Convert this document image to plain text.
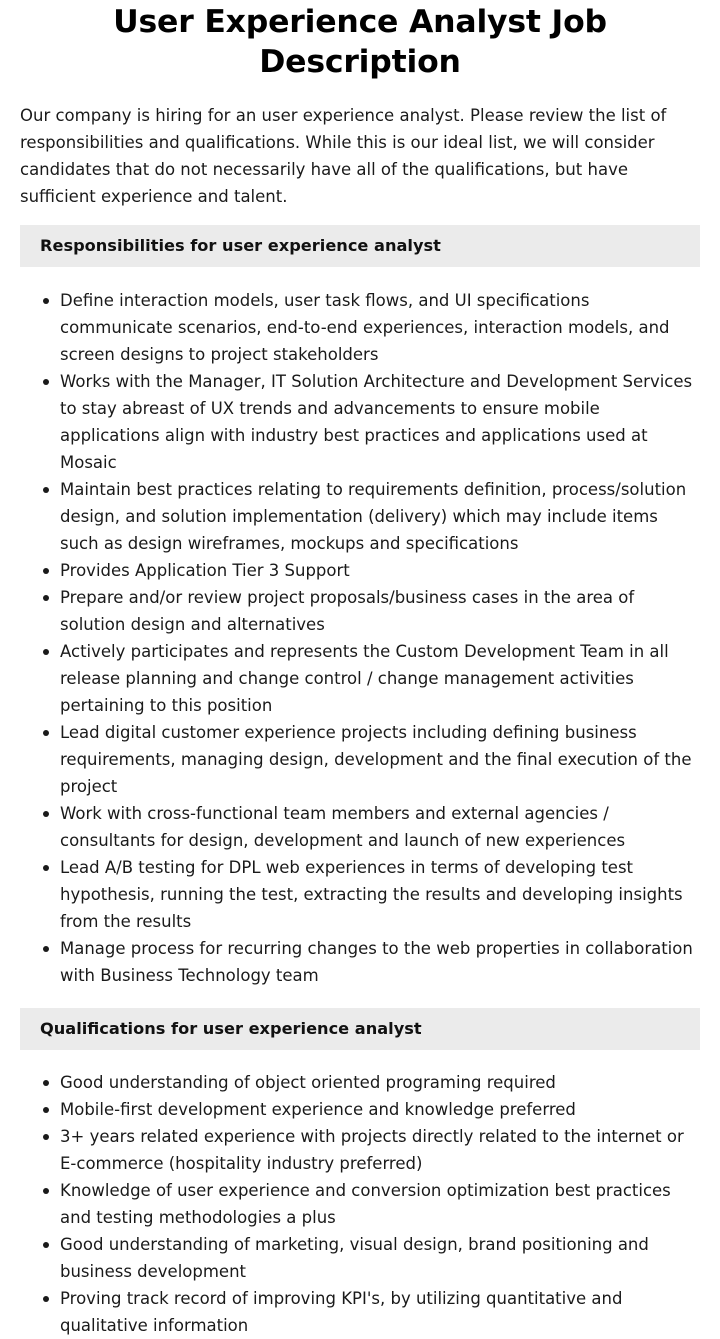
User Experience Analyst Job Description

Our company is hiring for an user experience analyst. Please review the list of responsibilities and qualifications. While this is our ideal list, we will consider candidates that do not necessarily have all of the qualifications, but have sufficient experience and talent.

Responsibilities for user experience analyst
Define interaction models, user task flows, and UI specifications communicate scenarios, end-to-end experiences, interaction models, and screen designs to project stakeholders
Works with the Manager, IT Solution Architecture and Development Services to stay abreast of UX trends and advancements to ensure mobile applications align with industry best practices and applications used at Mosaic
Maintain best practices relating to requirements definition, process/solution design, and solution implementation (delivery) which may include items such as design wireframes, mockups and specifications
Provides Application Tier 3 Support
Prepare and/or review project proposals/business cases in the area of solution design and alternatives
Actively participates and represents the Custom Development Team in all release planning and change control / change management activities pertaining to this position
Lead digital customer experience projects including defining business requirements, managing design, development and the final execution of the project
Work with cross-functional team members and external agencies / consultants for design, development and launch of new experiences
Lead A/B testing for DPL web experiences in terms of developing test hypothesis, running the test, extracting the results and developing insights from the results
Manage process for recurring changes to the web properties in collaboration with Business Technology team
Qualifications for user experience analyst
Good understanding of object oriented programing required
Mobile-first development experience and knowledge preferred
3+ years related experience with projects directly related to the internet or E-commerce (hospitality industry preferred)
Knowledge of user experience and conversion optimization best practices and testing methodologies a plus
Good understanding of marketing, visual design, brand positioning and business development
Proving track record of improving KPI's, by utilizing quantitative and qualitative information
